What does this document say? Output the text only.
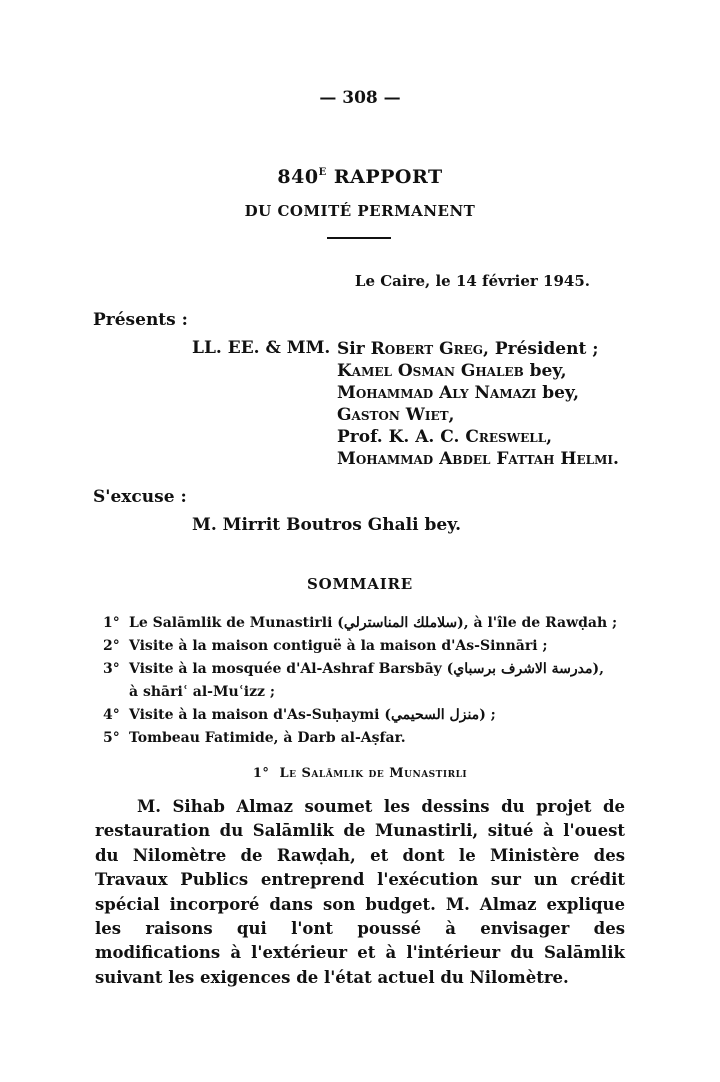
— 308 —
$840^E$ RAPPORT
DU COMITÉ PERMANENT
Le Caire, le 14 février 1945.
Présents :
LL. EE. & MM. Sir Robert Greg, Président ;
Kamel Osman Ghaleb bey,
Mohammad Aly Namazi bey,
Gaston Wiet,
Prof. K. A. C. Creswell,
Mohammad Abdel Fattah Helmi.
S'excuse :
M. Mirrit Boutros Ghali bey.
SOMMAIRE
1° Le Salāmlik de Munastirli (سلاملك المناسترلي), à l'île de Rawḍah ;
2° Visite à la maison contiguë à la maison d'As-Sinnāri ;
3° Visite à la mosquée d'Al-Ashraf Barsbāy (مدرسة الاشرف برسباي),
à shāriʿ al-Muʿizz ;
4° Visite à la maison d'As-Suḥaymi (منزل السحيمي) ;
5° Tombeau Fatimide, à Darb al-Aṣfar.
1° Le Salāmlik de Munastirli

M. Sihab Almaz soumet les dessins du projet de restauration du Salāmlik de Munastirli, situé à l'ouest du Nilomètre de Rawḍah, et dont le Ministère des Travaux Publics entreprend l'exécution sur un crédit spécial incorporé dans son budget. M. Almaz explique les raisons qui l'ont poussé à envisager des modifications à l'extérieur et à l'intérieur du Salāmlik suivant les exigences de l'état actuel du Nilomètre.
